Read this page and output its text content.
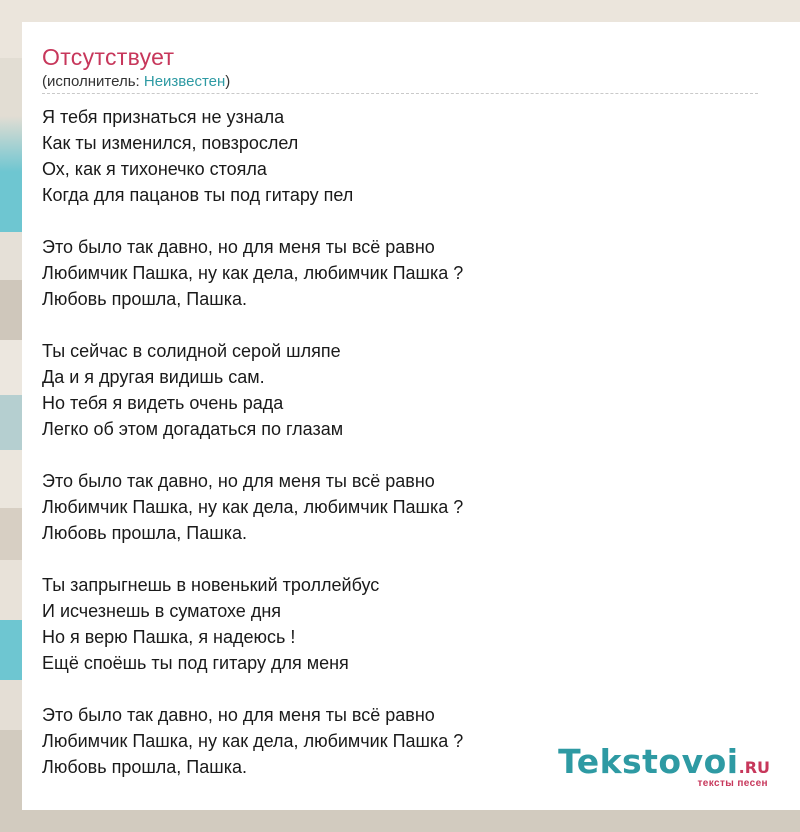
Отсутствует
(исполнитель: Неизвестен)
Я тебя признаться не узнала
Как ты изменился, повзрослел
Ох, как я тихонечко стояла
Когда для пацанов ты под гитару пел
Это было так давно, но для меня ты всё равно
Любимчик Пашка, ну как дела, любимчик Пашка ?
Любовь прошла, Пашка.
Ты сейчас в солидной серой шляпе
Да и я другая видишь сам.
Но тебя я видеть очень рада
Легко об этом догадаться по глазам
Это было так давно, но для меня ты всё равно
Любимчик Пашка, ну как дела, любимчик Пашка ?
Любовь прошла, Пашка.
Ты запрыгнешь в новенький троллейбус
И исчезнешь в суматохе дня
Но я верю Пашка, я надеюсь !
Ещё споёшь ты под гитару для меня
Это было так давно, но для меня ты всё равно
Любимчик Пашка, ну как дела, любимчик Пашка ?
Любовь прошла, Пашка.	Tekstovoi.RU
тексты песен
